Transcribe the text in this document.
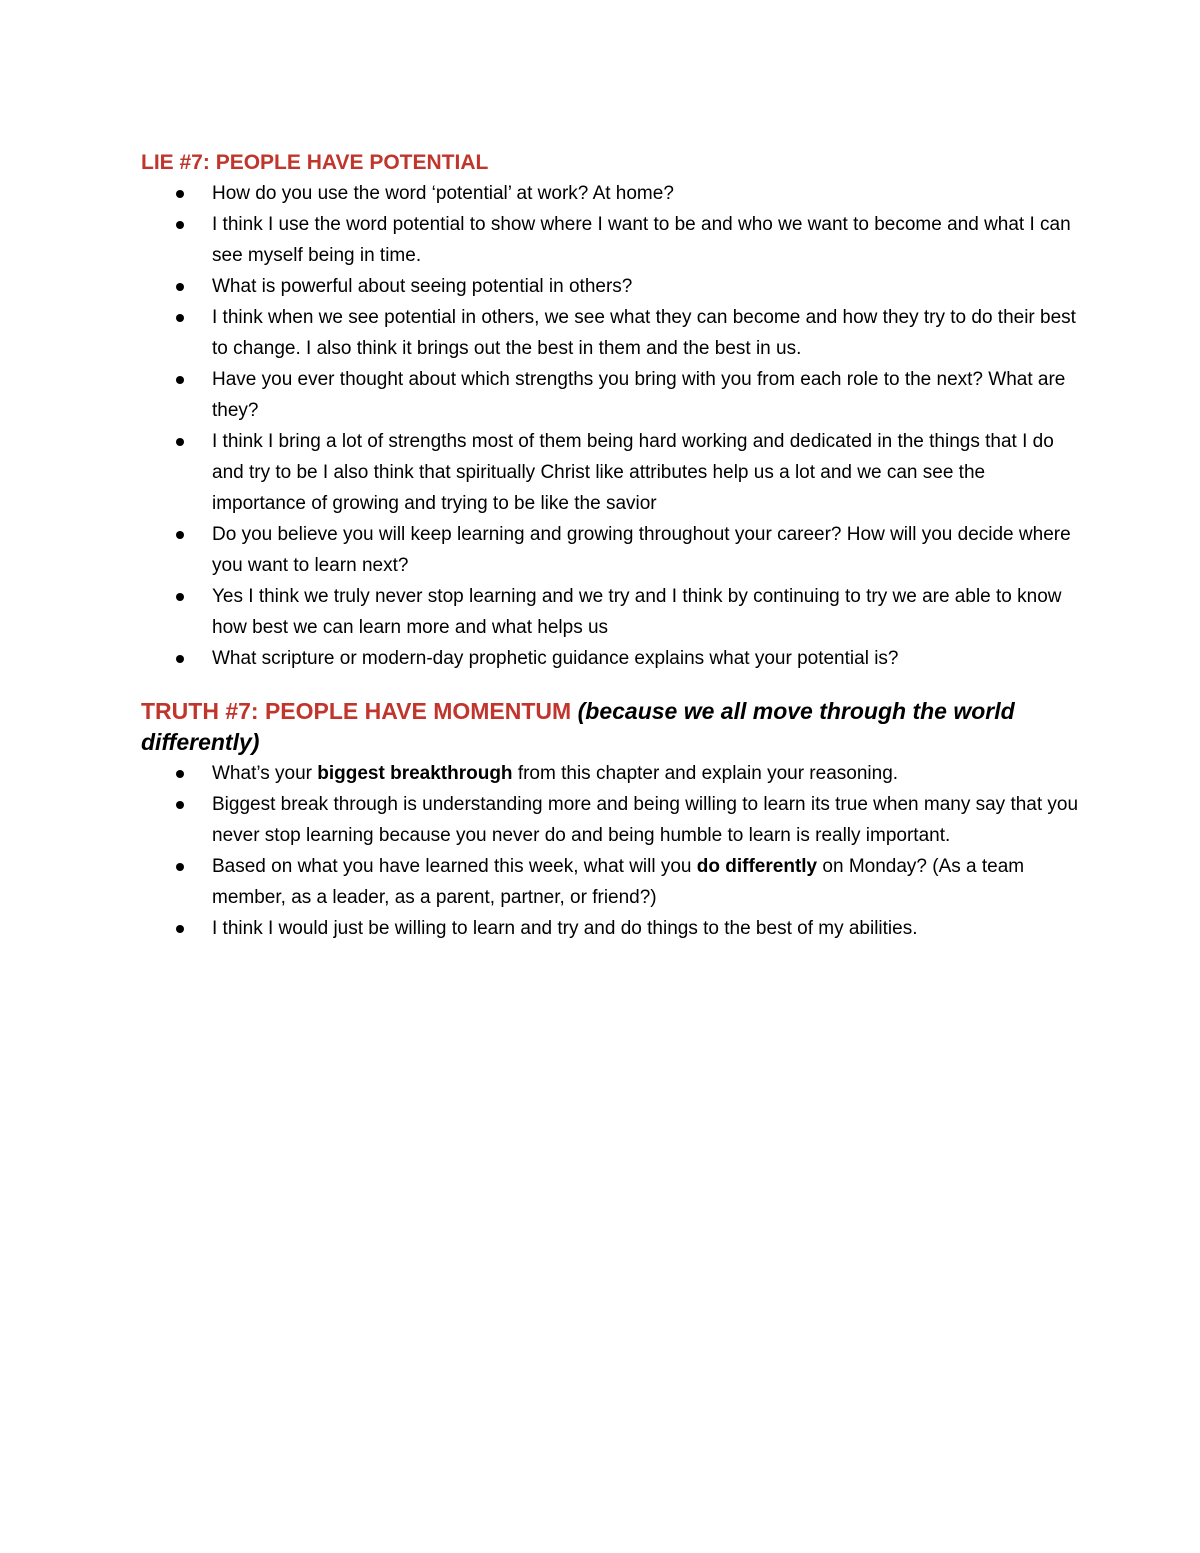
LIE #7: PEOPLE HAVE POTENTIAL
How do you use the word ‘potential’ at work? At home?
I think I use the word potential to show where I want to be and who we want to become and what I can see myself being in time.
What is powerful about seeing potential in others?
I think when we see potential in others, we see what they can become and how they try to do their best to change. I also think it brings out the best in them and the best in us.
Have you ever thought about which strengths you bring with you from each role to the next? What are they?
I think I bring a lot of strengths most of them being hard working and dedicated in the things that I do and try to be I also think that spiritually Christ like attributes help us a lot and we can see the importance of growing and trying to be like the savior
Do you believe you will keep learning and growing throughout your career? How will you decide where you want to learn next?
Yes I think we truly never stop learning and we try and I think by continuing to try we are able to know how best we can learn more and what helps us
What scripture or modern-day prophetic guidance explains what your potential is?
TRUTH #7: PEOPLE HAVE MOMENTUM (because we all move through the world differently)
What’s your biggest breakthrough from this chapter and explain your reasoning.
Biggest break through is understanding more and being willing to learn its true when many say that you never stop learning because you never do and being humble to learn is really important.
Based on what you have learned this week, what will you do differently on Monday? (As a team member, as a leader, as a parent, partner, or friend?)
I think I would just be willing to learn and try and do things to the best of my abilities.
